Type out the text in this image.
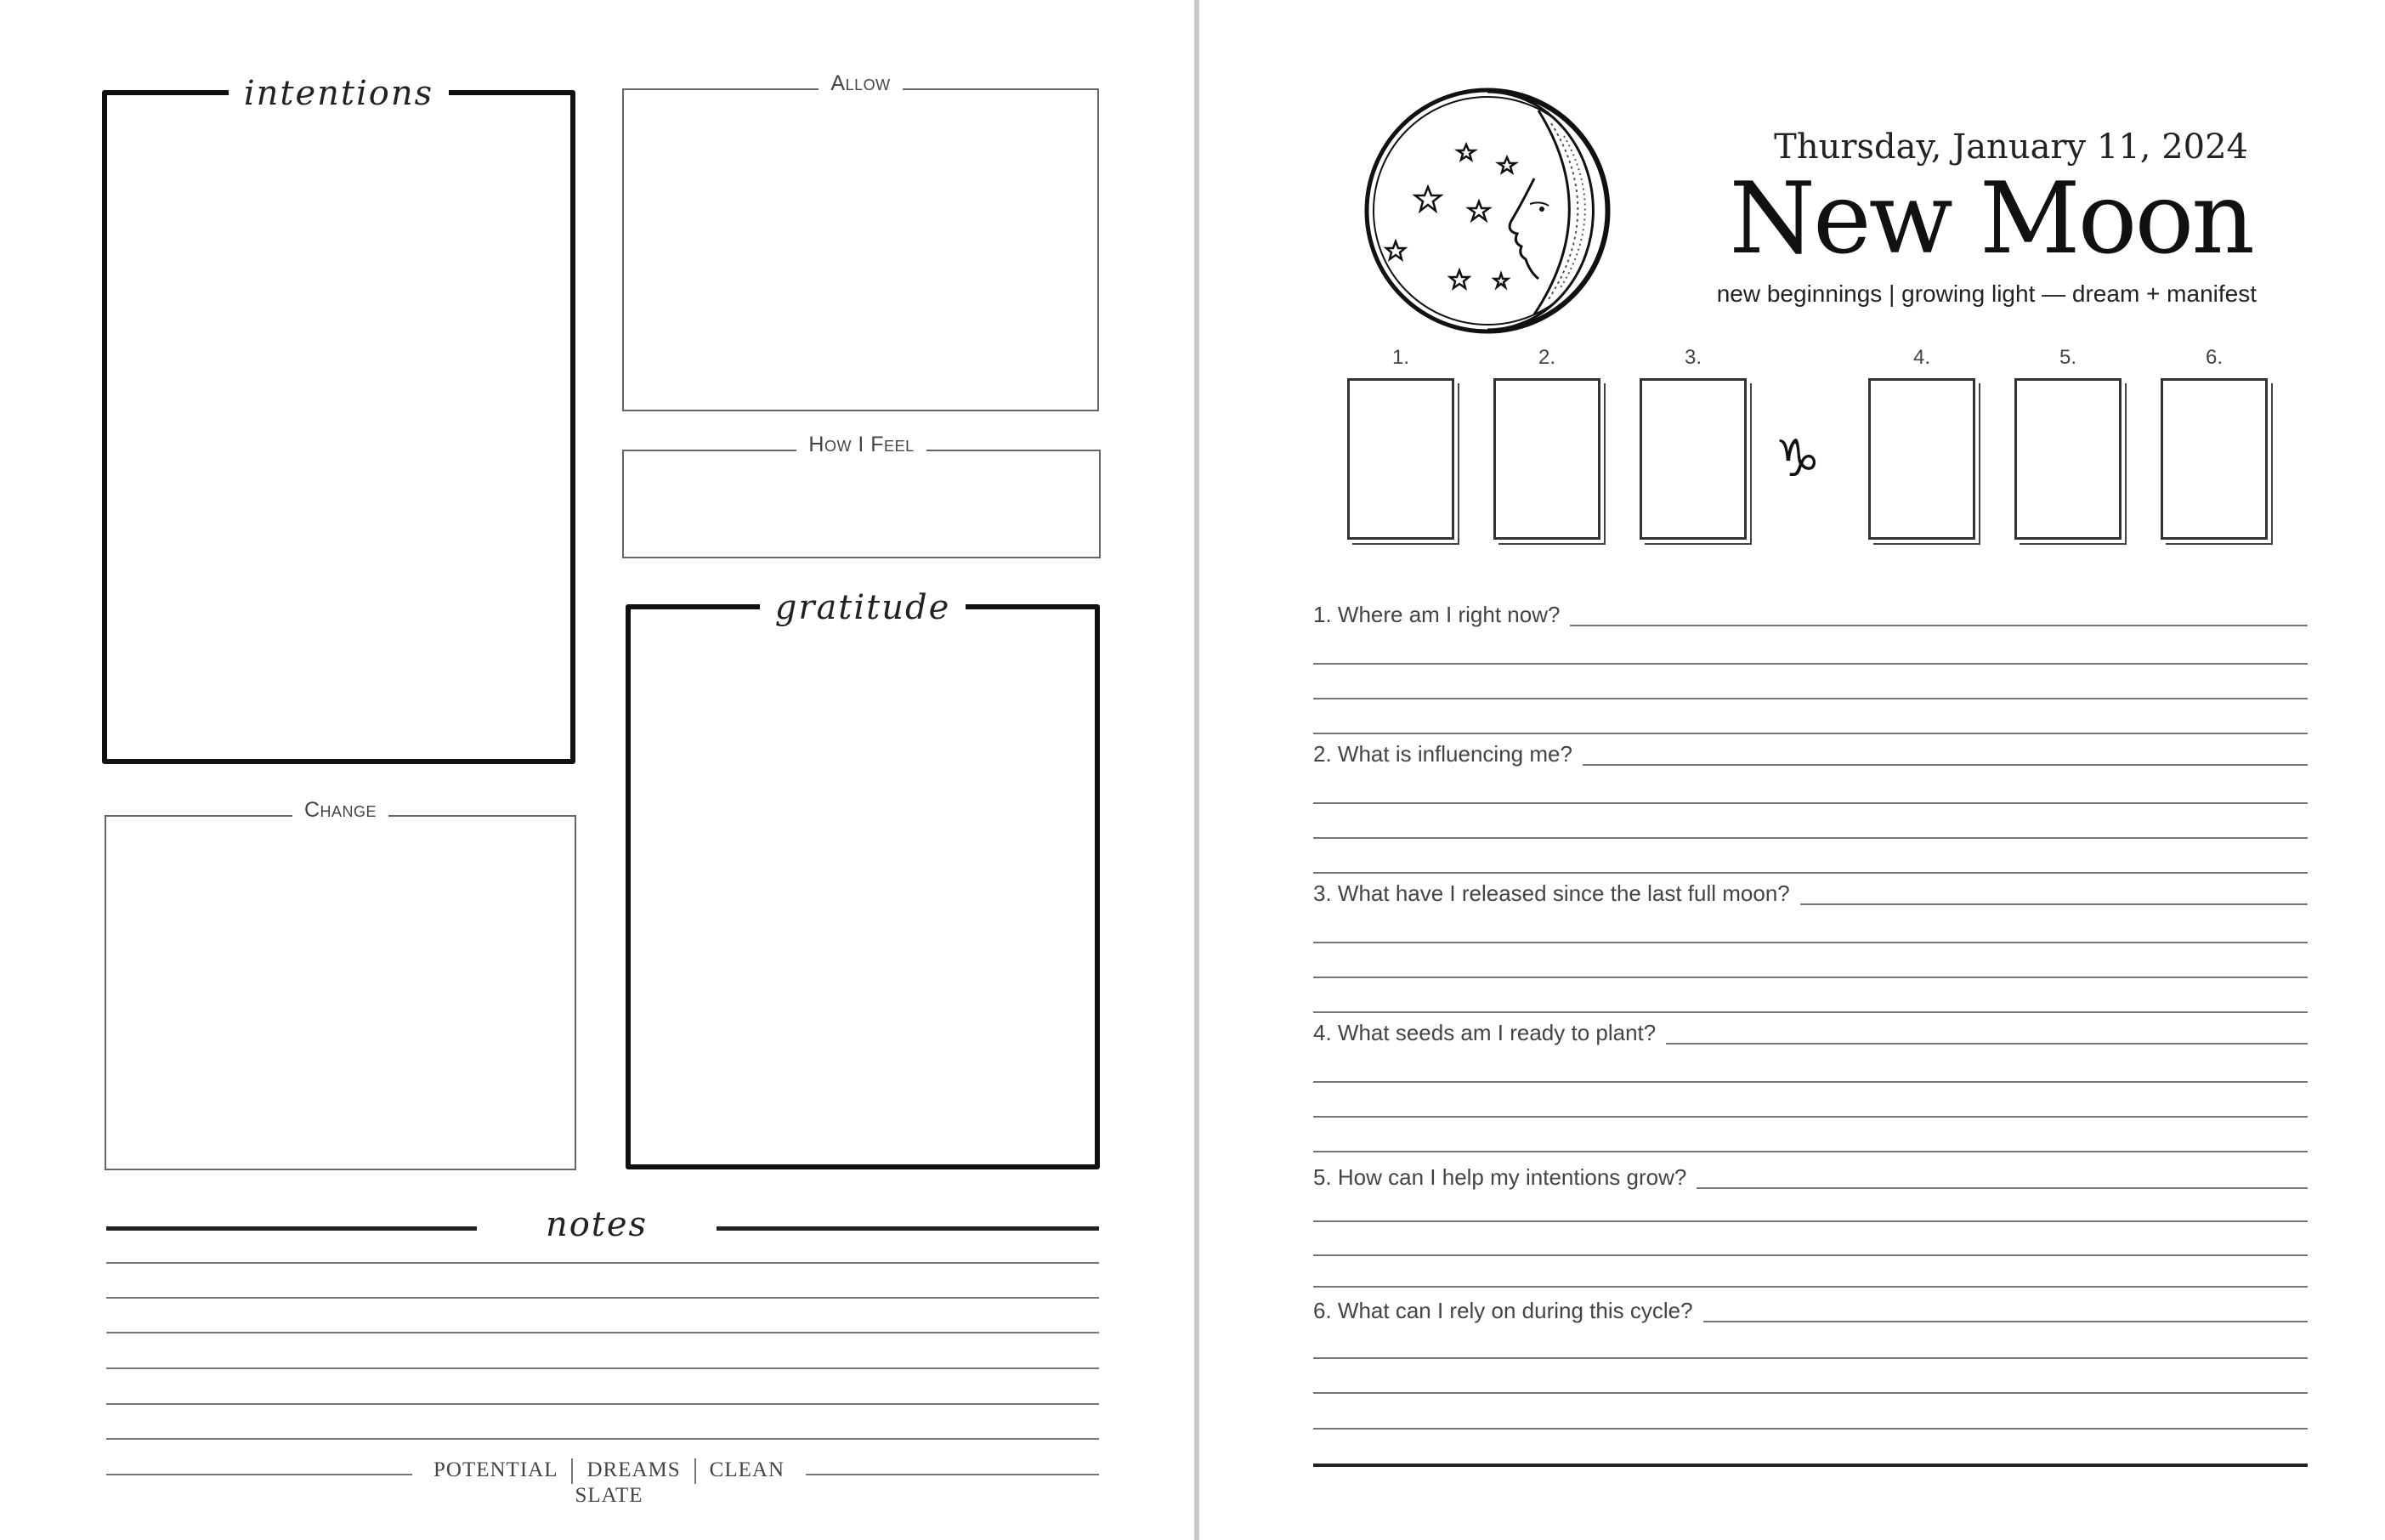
intentions	Allow
How I Feel
gratitude
Change
notes
POTENTIAL DREAMS CLEAN SLATE
Thursday, January 11, 2024
New Moon
new beginnings | growing light — dream + manifest
1.	2.	3.
♑
4.	5.	6.
1. Where am I right now?
2. What is influencing me?
3. What have I released since the last full moon?
4. What seeds am I ready to plant?
5. How can I help my intentions grow?
6. What can I rely on during this cycle?
